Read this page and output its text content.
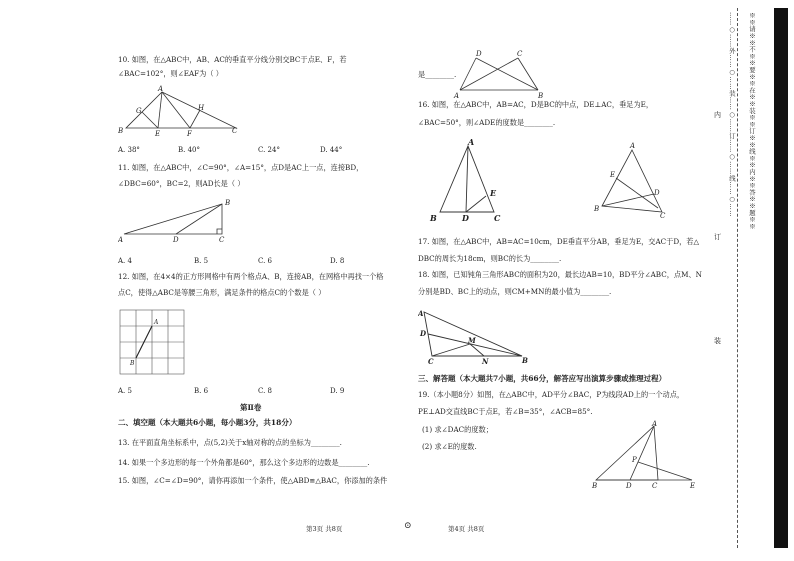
10. 如图，在△ABC中，AB、AC的垂直平分线分别交BC于点E、F，若
∠BAC=102°，则∠EAF为（ ）
A
G	H
B	E	F	C
A. 38°	B. 40°	C. 24°	D. 44°
11. 如图，在△ABC中，∠C=90°，∠A=15°，点D是AC上一点，连接BD，
∠DBC=60°，BC=2，则AD长是（ ）
A
B
D	C
A. 4	B. 5	C. 6	D. 8
12. 如图，在4×4的正方形网格中有两个格点A、B，连接AB，在网格中再找一个格
点C，使得△ABC是等腰三角形，满足条件的格点C的个数是（ ）
A
B
A. 5	B. 6	C. 8	D. 9
第Ⅱ卷
二、填空题（本大题共6小题，每小题3分，共18分）
13. 在平面直角坐标系中，点(5,2)关于x轴对称的点的坐标为________.
14. 如果一个多边形的每一个外角都是60°，那么这个多边形的边数是________.
15. 如图，∠C=∠D=90°，请你再添加一个条件，使△ABD≌△BAC，你添加的条件
D	C
A	B
是________.
16. 如图，在△ABC中，AB=AC，D是BC的中点，DE⊥AC，垂足为E，
∠BAC=50°，则∠ADE的度数是________.
A
E
B	D	C
A
E
D
B
C
17. 如图，在△ABC中，AB=AC=10cm，DE垂直平分AB，垂足为E，交AC于D，若△
DBC的周长为18cm，则BC的长为________.
18. 如图，已知钝角三角形ABC的面积为20，最长边AB=10，BD平分∠ABC，点M、N
分别是BD、BC上的动点，则CM+MN的最小值为________.
A
D
M
C	N	B
三、解答题（本大题共7小题，共66分，解答应写出演算步骤或推理过程）
19.（本小题8分）如图，在△ABC中，AD平分∠BAC，P为线段AD上的一个动点，
PE⊥AD交直线BC于点E，若∠B=35°，∠ACB=85°.
(1) 求∠DAC的度数；
(2) 求∠E的度数.
A
P
B	D	C	E
第3页 共8页	⊙	第4页 共8页
……○……外……○……装……○……订……○……线……○…… ※※请※※不※※要※※在※※装※※订※※线※※内※※答※※题※※
内
订
装
